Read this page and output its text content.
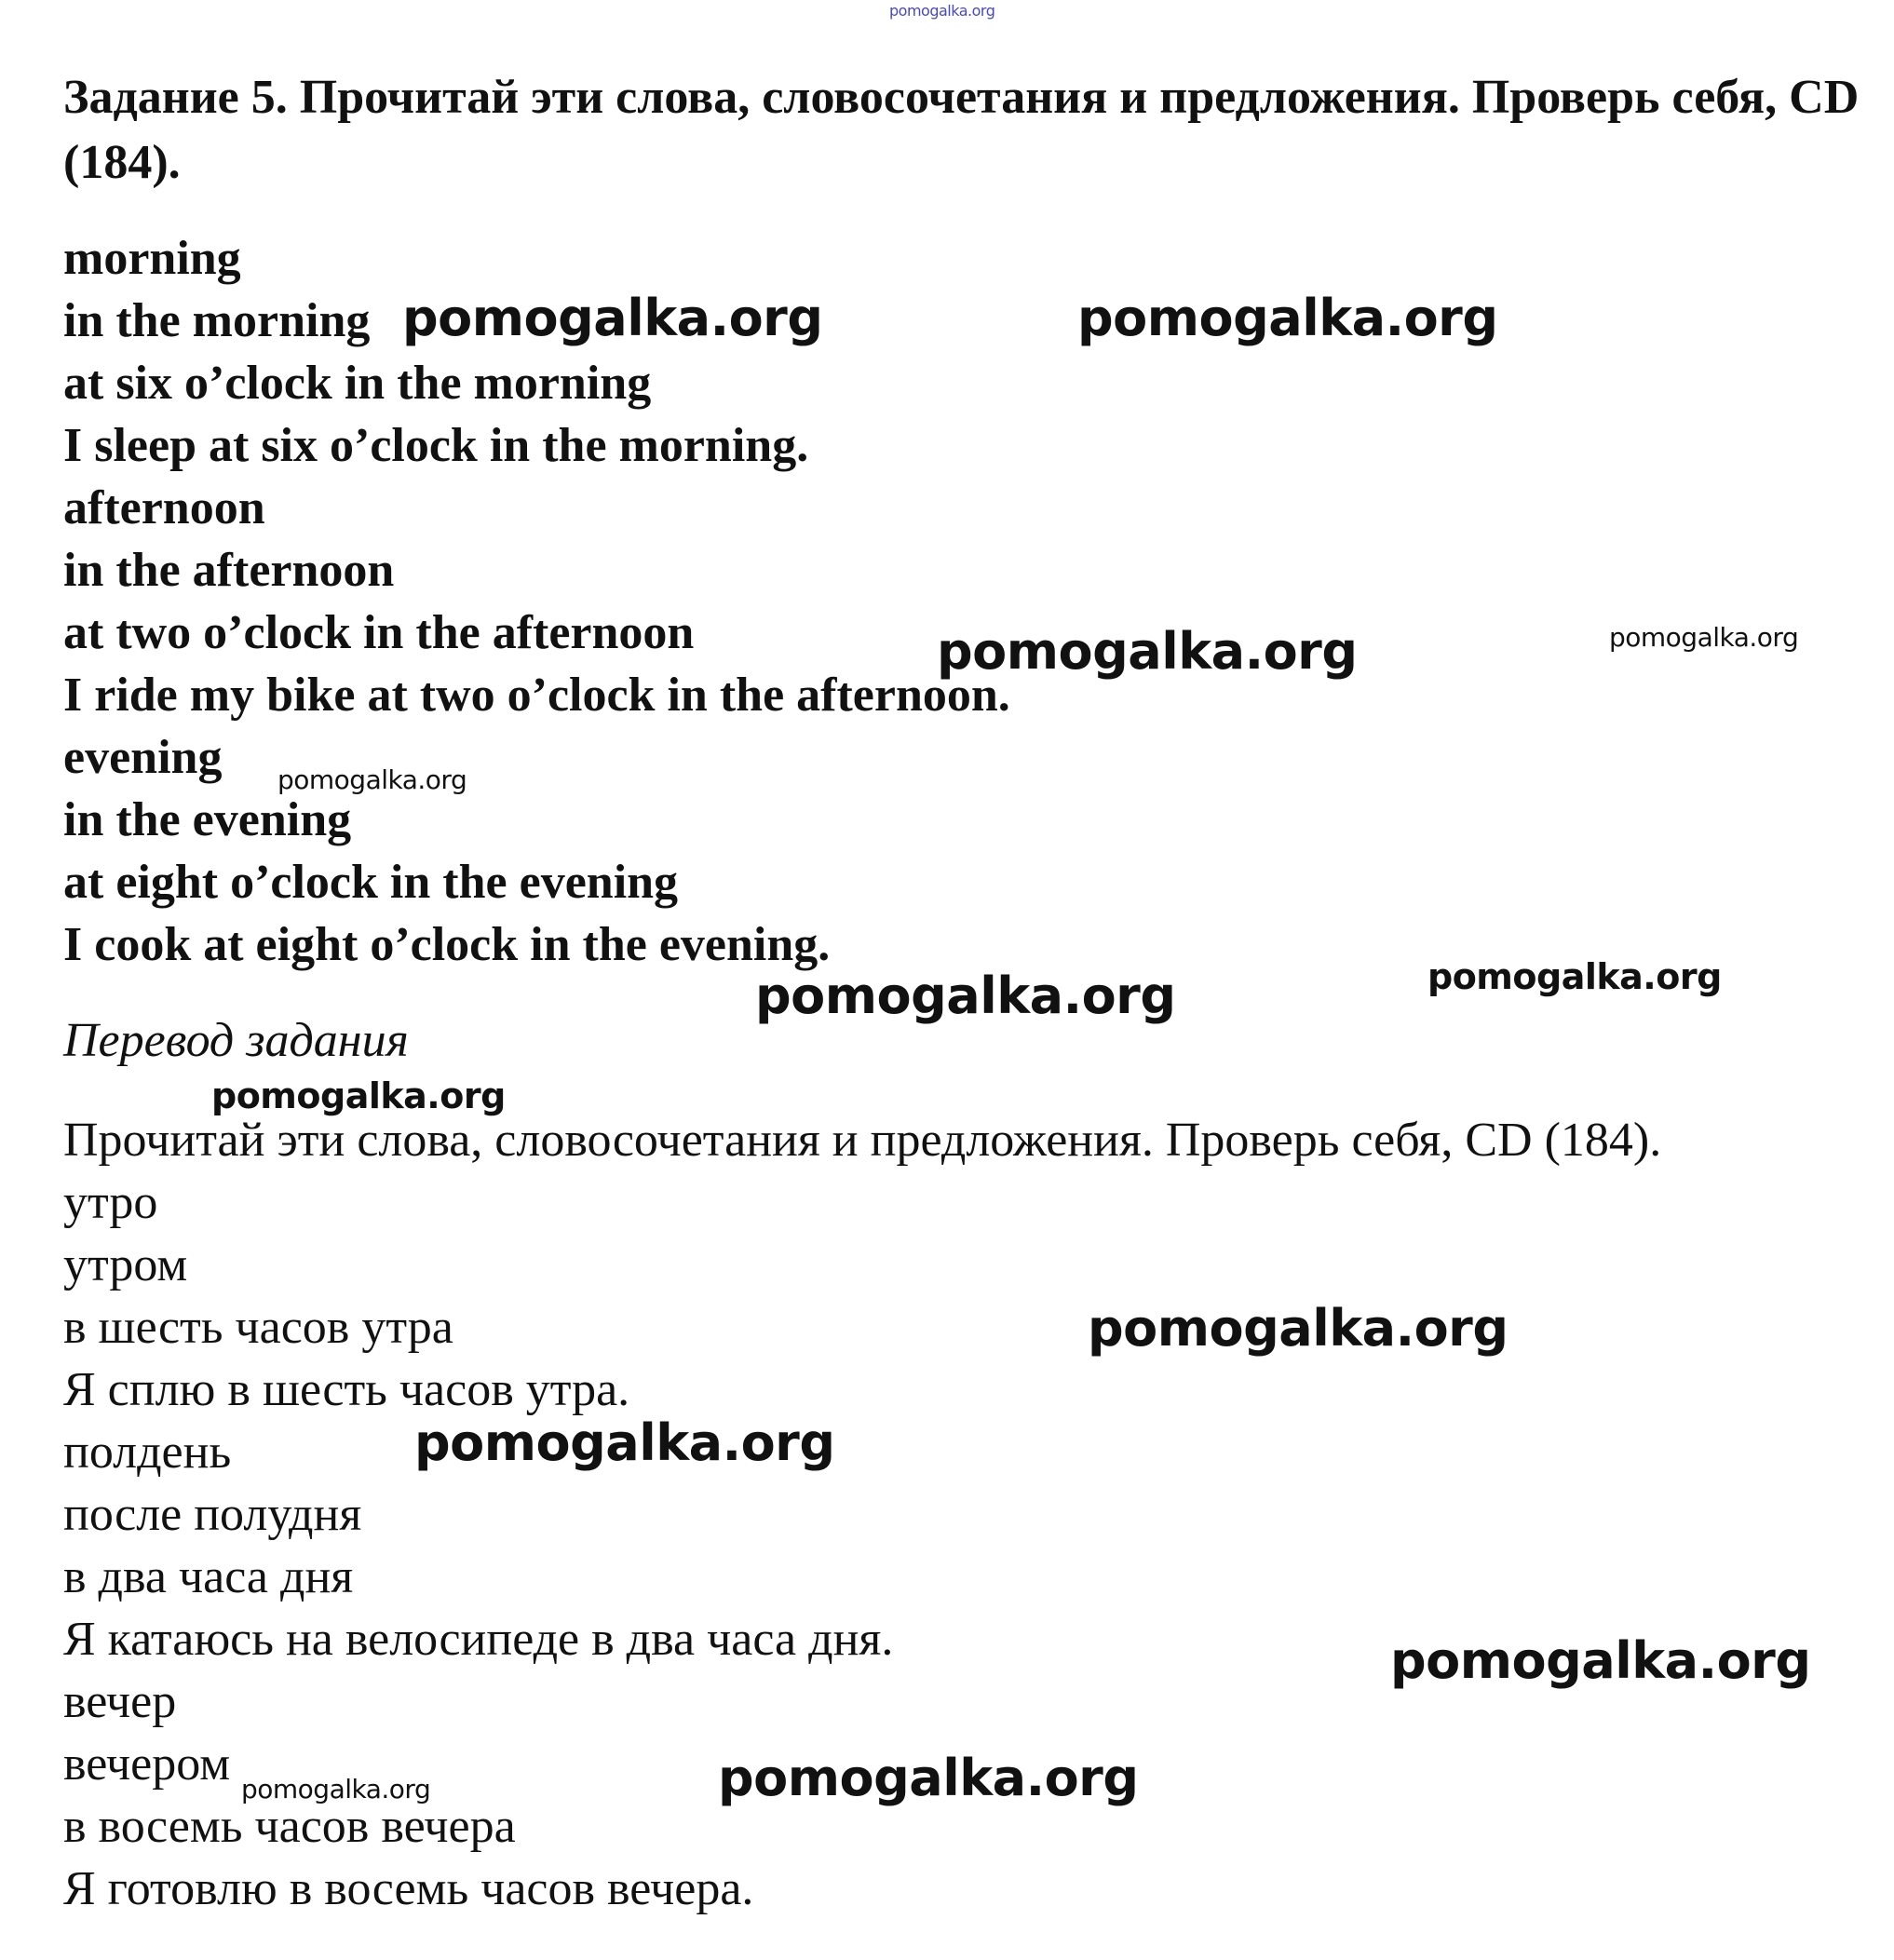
Задание 5. Прочитай эти слова, словосочетания и предложения. Проверь себя, CD (184).
morning
in the morning
at six o’clock in the morning
I sleep at six o’clock in the morning.
afternoon
in the afternoon
at two o’clock in the afternoon
I ride my bike at two o’clock in the afternoon.
evening
in the evening
at eight o’clock in the evening
I cook at eight o’clock in the evening.
Перевод задания

Прочитай эти слова, словосочетания и предложения. Проверь себя, CD (184).

утро
утром
в шесть часов утра
Я сплю в шесть часов утра.
полдень
после полудня
в два часа дня
Я катаюсь на велосипеде в два часа дня.
вечер
вечером
в восемь часов вечера
Я готовлю в восемь часов вечера.
pomogalka.org
pomogalka.org	pomogalka.org
pomogalka.org	pomogalka.org
pomogalka.org
pomogalka.org	pomogalka.org
pomogalka.org
pomogalka.org
pomogalka.org
pomogalka.org
pomogalka.org
pomogalka.org
